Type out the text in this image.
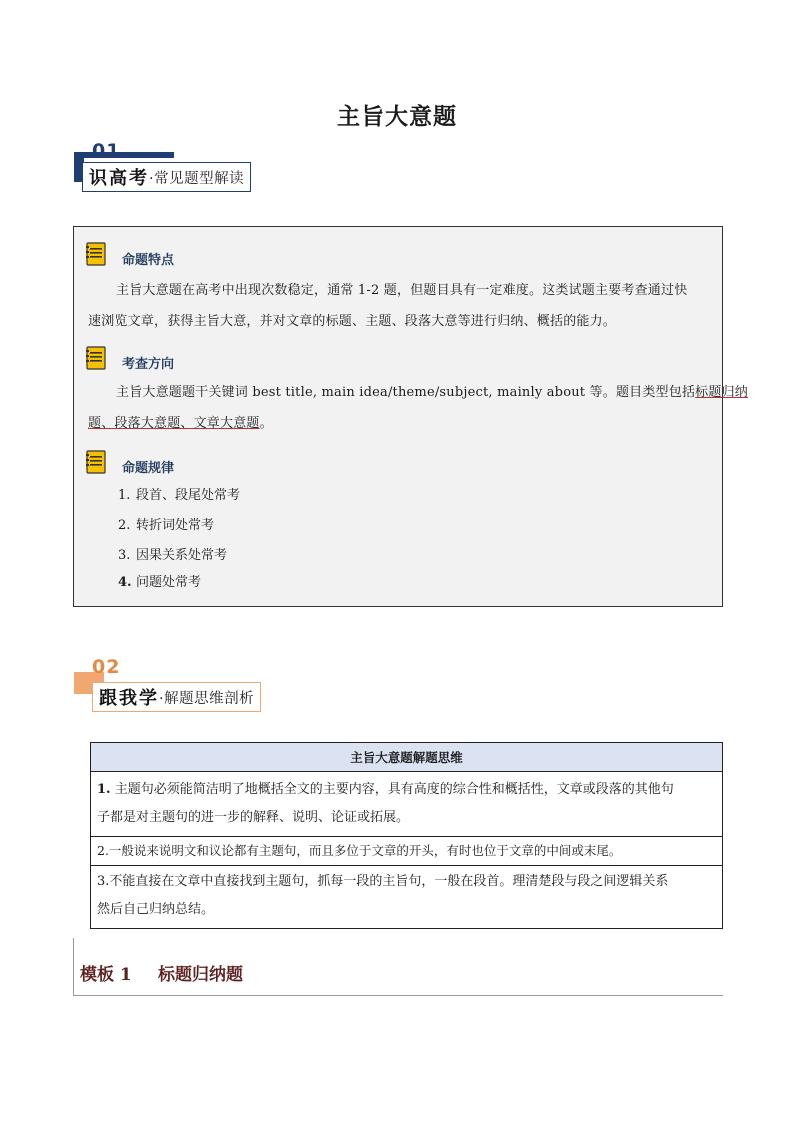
主旨大意题
01
识高考 ·常见题型解读
命题特点
主旨大意题在高考中出现次数稳定，通常 1-2 题，但题目具有一定难度。这类试题主要考查通过快
速浏览文章，获得主旨大意，并对文章的标题、主题、段落大意等进行归纳、概括的能力。
考查方向
主旨大意题题干关键词 best title, main idea/theme/subject, mainly about 等。题目类型包括标题归纳
题、段落大意题、文章大意题。
命题规律
1. 段首、段尾处常考
2. 转折词处常考
3. 因果关系处常考
4. 问题处常考
02
跟我学 ·解题思维剖析
主旨大意题解题思维

1. 主题句必须能简洁明了地概括全文的主要内容，具有高度的综合性和概括性，文章或段落的其他句
子都是对主题句的进一步的解释、说明、论证或拓展。

2.一般说来说明文和议论都有主题句，而且多位于文章的开头，有时也位于文章的中间或末尾。

3.不能直接在文章中直接找到主题句，抓每一段的主旨句，一般在段首。理清楚段与段之间逻辑关系
然后自己归纳总结。
模板 1 标题归纳题
